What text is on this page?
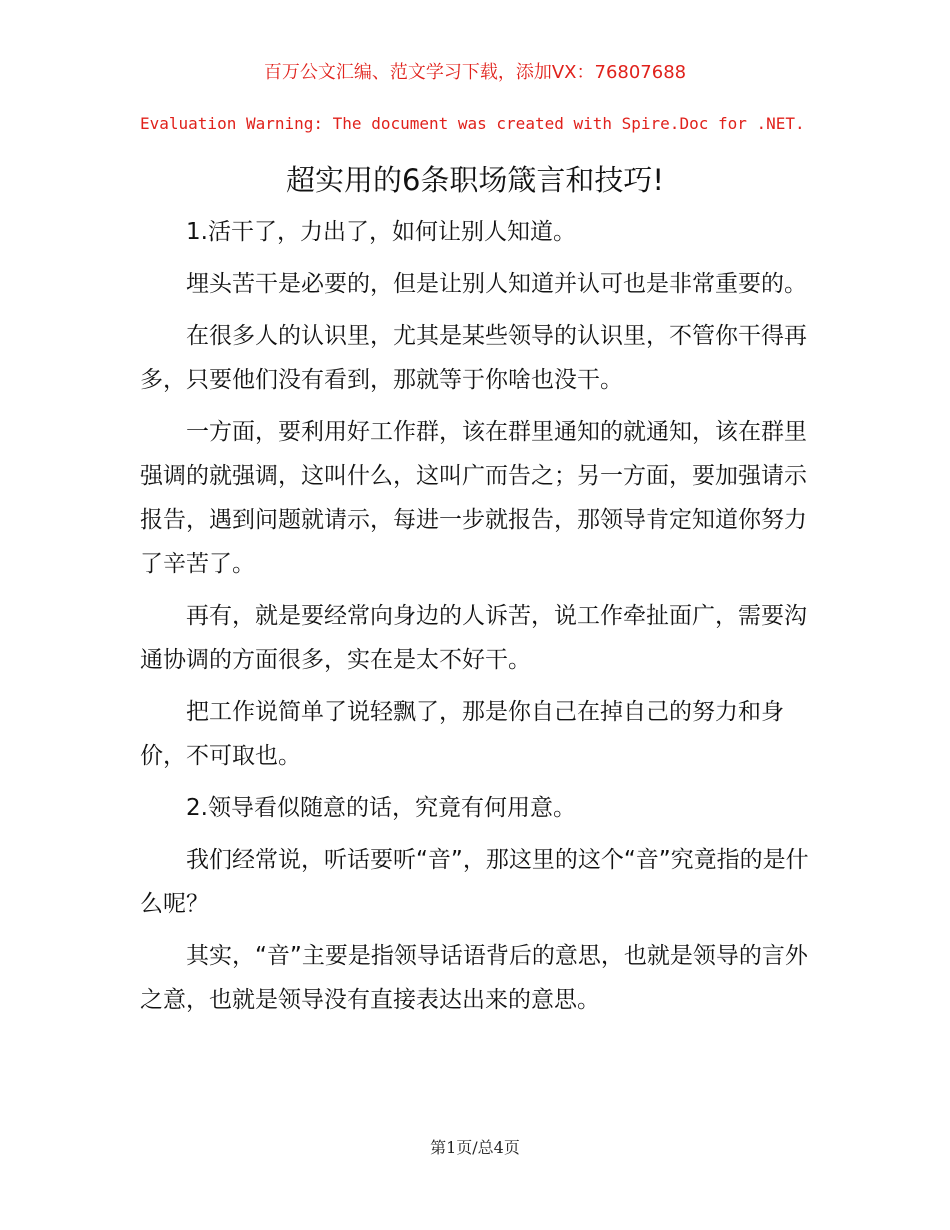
百万公文汇编、范文学习下载，添加VX：76807688
Evaluation Warning: The document was created with Spire.Doc for .NET.
超实用的6条职场箴言和技巧!

1.活干了，力出了，如何让别人知道。

埋头苦干是必要的，但是让别人知道并认可也是非常重要的。

在很多人的认识里，尤其是某些领导的认识里，不管你干得再多，只要他们没有看到，那就等于你啥也没干。

一方面，要利用好工作群，该在群里通知的就通知，该在群里强调的就强调，这叫什么，这叫广而告之；另一方面，要加强请示报告，遇到问题就请示，每进一步就报告，那领导肯定知道你努力了辛苦了。

再有，就是要经常向身边的人诉苦，说工作牵扯面广，需要沟通协调的方面很多，实在是太不好干。

把工作说简单了说轻飘了，那是你自己在掉自己的努力和身价，不可取也。

2.领导看似随意的话，究竟有何用意。

我们经常说，听话要听“音”，那这里的这个“音”究竟指的是什么呢？

其实，“音”主要是指领导话语背后的意思，也就是领导的言外之意，也就是领导没有直接表达出来的意思。

第1页/总4页
